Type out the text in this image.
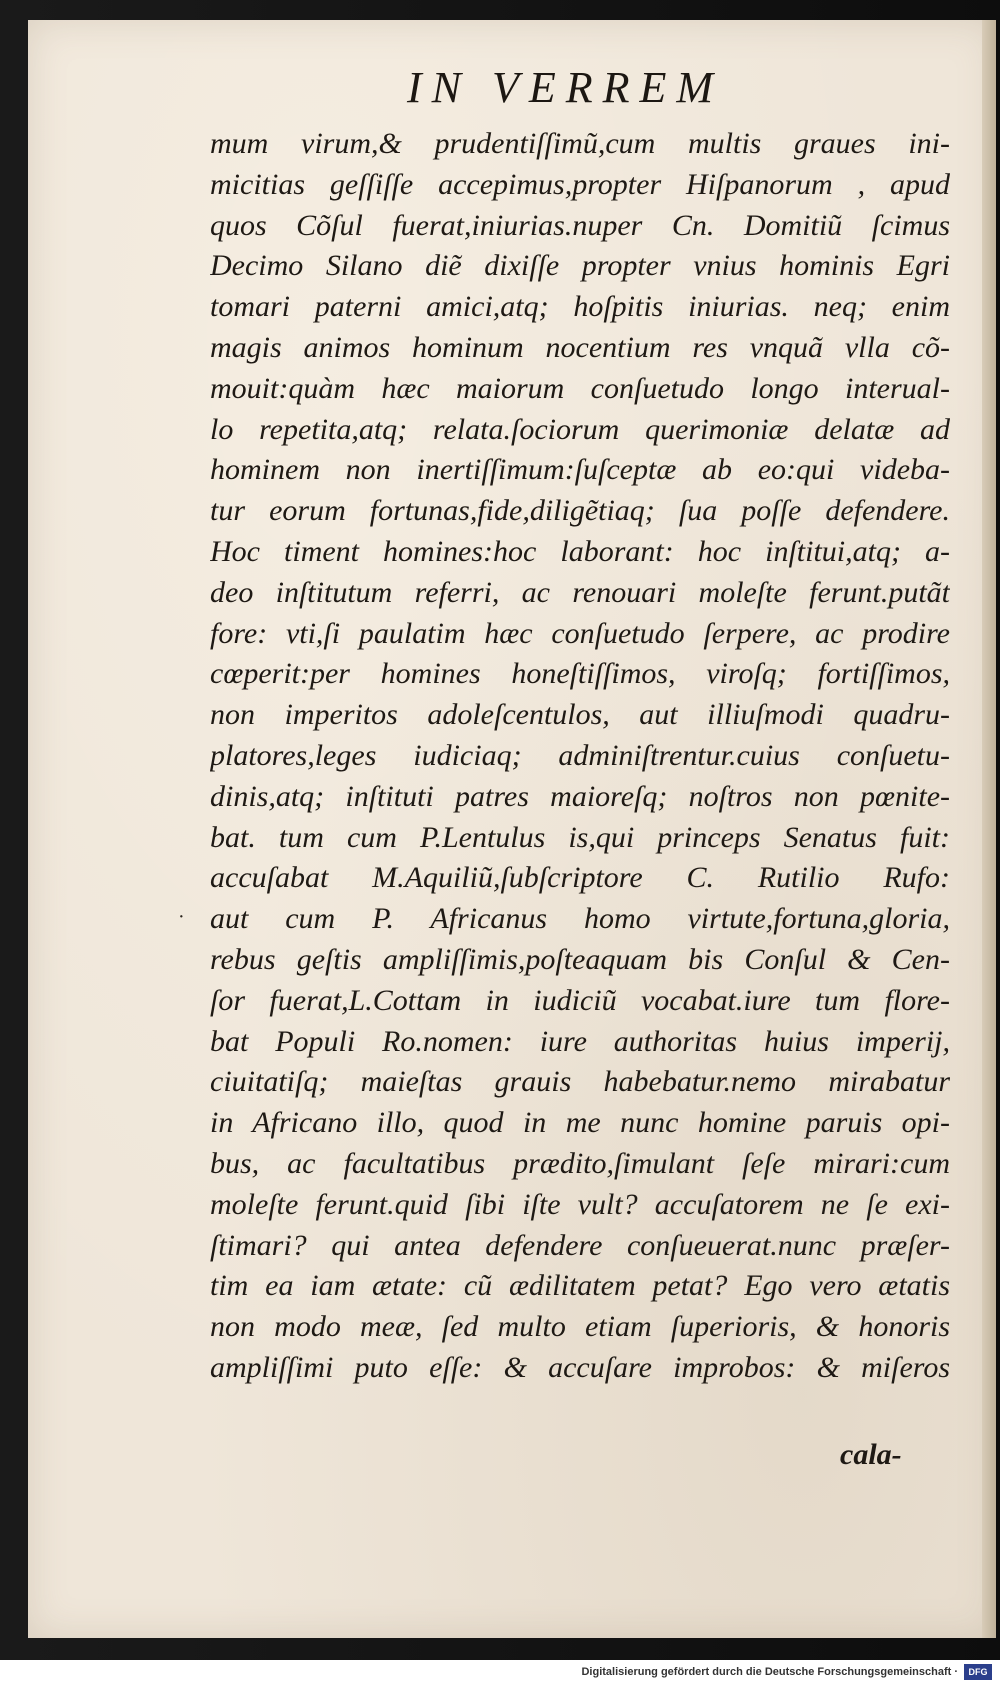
IN VERREM
mum virum,& prudentiſſimũ,cum multis graues ini-
micitias geſſiſſe accepimus,propter Hiſpanorum , apud
quos Cõſul fuerat,iniurias.nuper Cn. Domitiũ ſcimus
Decimo Silano diẽ dixiſſe propter vnius hominis Egri
tomari paterni amici,atq; hoſpitis iniurias. neq; enim
magis animos hominum nocentium res vnquã vlla cõ-
mouit:quàm hæc maiorum conſuetudo longo interual-
lo repetita,atq; relata.ſociorum querimoniæ delatæ ad
hominem non inertiſſimum:ſuſceptæ ab eo:qui videba-
tur eorum fortunas,fide,diligẽtiaq; ſua poſſe defendere.
Hoc timent homines:hoc laborant: hoc inſtitui,atq; a-
deo inſtitutum referri, ac renouari moleſte ferunt.putãt
fore: vti,ſi paulatim hæc conſuetudo ſerpere, ac prodire
cœperit:per homines honeſtiſſimos, viroſq; fortiſſimos,
non imperitos adoleſcentulos, aut illiuſmodi quadru-
platores,leges iudiciaq; adminiſtrentur.cuius conſuetu-
dinis,atq; inſtituti patres maioreſq; noſtros non pœnite-
bat. tum cum P.Lentulus is,qui princeps Senatus fuit:
accuſabat M.Aquiliũ,ſubſcriptore C. Rutilio Rufo:
aut cum P. Africanus homo virtute,fortuna,gloria,
rebus geſtis ampliſſimis,poſteaquam bis Conſul & Cen-
ſor fuerat,L.Cottam in iudiciũ vocabat.iure tum flore-
bat Populi Ro.nomen: iure authoritas huius imperij,
ciuitatiſq; maieſtas grauis habebatur.nemo mirabatur
in Africano illo, quod in me nunc homine paruis opi-
bus, ac facultatibus prædito,ſimulant ſeſe mirari:cum
moleſte ferunt.quid ſibi iſte vult? accuſatorem ne ſe exi-
ſtimari? qui antea defendere conſueuerat.nunc præſer-
tim ea iam ætate: cũ ædilitatem petat? Ego vero ætatis
non modo meæ, ſed multo etiam ſuperioris, & honoris
ampliſſimi puto eſſe: & accuſare improbos: & miſeros
·
cala-
Digitalisierung gefördert durch die Deutsche Forschungsgemeinschaft ·	DFG
